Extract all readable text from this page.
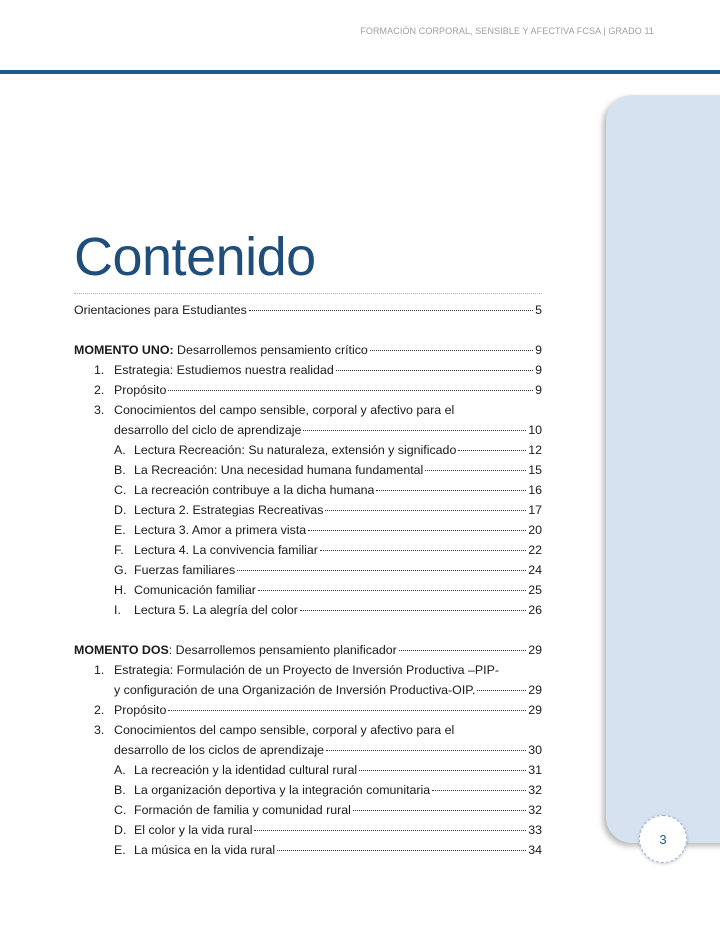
FORMACIÓN CORPORAL, SENSIBLE Y AFECTIVA FCSA | GRADO 11
3
Contenido
Orientaciones para Estudiantes	5
MOMENTO UNO: Desarrollemos pensamiento crítico	9
1. Estrategia: Estudiemos nuestra realidad	9
2. Propósito	9
3. Conocimientos del campo sensible, corporal y afectivo para el
desarrollo del ciclo de aprendizaje	10
A. Lectura Recreación: Su naturaleza, extensión y significado	12
B. La Recreación: Una necesidad humana fundamental	15
C. La recreación contribuye a la dicha humana	16
D. Lectura 2. Estrategias Recreativas	17
E. Lectura 3. Amor a primera vista	20
F. Lectura 4. La convivencia familiar	22
G. Fuerzas familiares	24
H. Comunicación familiar	25
I.	Lectura 5. La alegría del color	26
MOMENTO DOS: Desarrollemos pensamiento planificador	29
1. Estrategia: Formulación de un Proyecto de Inversión Productiva –PIP-
y configuración de una Organización de Inversión Productiva-OIP.	29
2. Propósito	29
3. Conocimientos del campo sensible, corporal y afectivo para el
desarrollo de los ciclos de aprendizaje	30
A. La recreación y la identidad cultural rural	31
B. La organización deportiva y la integración comunitaria	32
C. Formación de familia y comunidad rural	32
D. El color y la vida rural	33
E. La música en la vida rural	34
